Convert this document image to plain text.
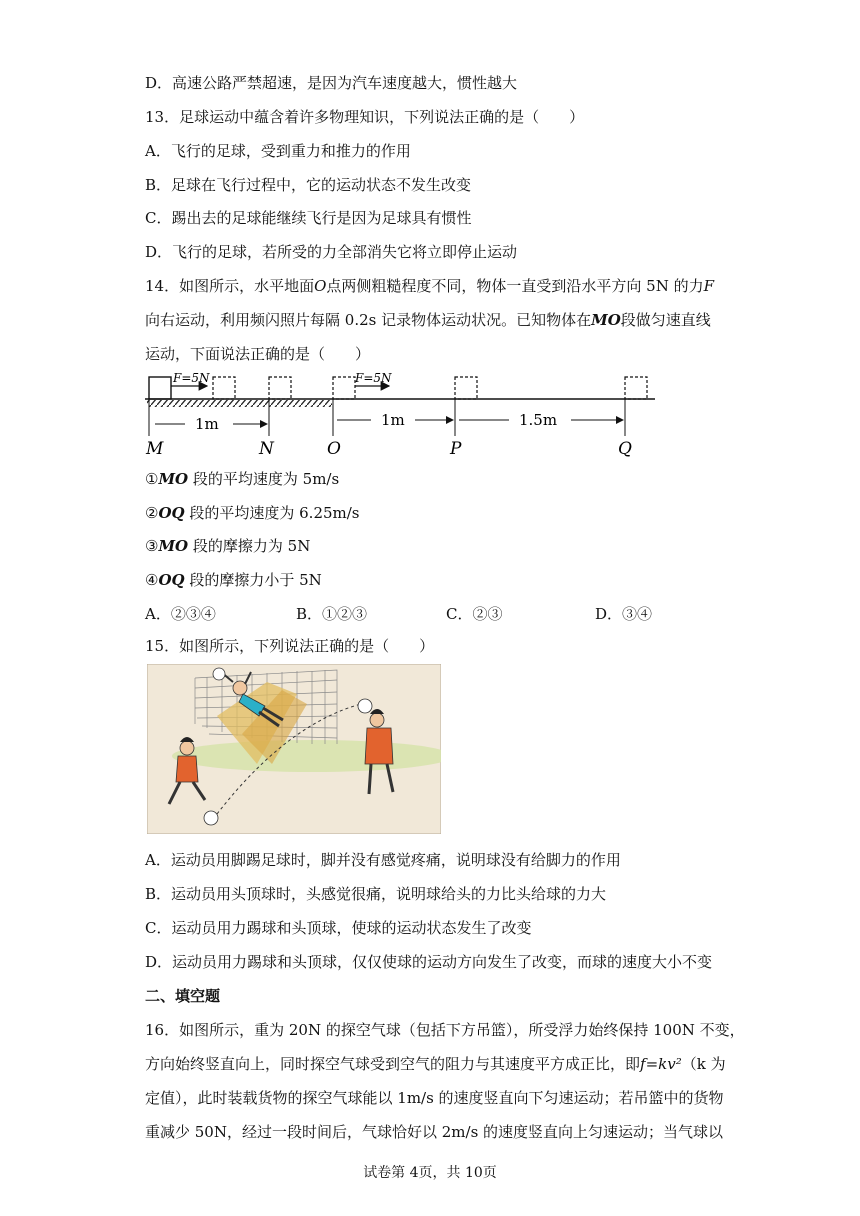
D．高速公路严禁超速，是因为汽车速度越大，惯性越大
13．足球运动中蕴含着许多物理知识，下列说法正确的是（　　）
A．飞行的足球，受到重力和推力的作用
B．足球在飞行过程中，它的运动状态不发生改变
C．踢出去的足球能继续飞行是因为足球具有惯性
D．飞行的足球，若所受的力全部消失它将立即停止运动
14．如图所示，水平地面O点两侧粗糙程度不同，物体一直受到沿水平方向 5N 的力F
向右运动，利用频闪照片每隔 0.2s 记录物体运动状况。已知物体在MO段做匀速直线
运动，下面说法正确的是（　　）
F=5N	F=5N
1m	1m	1.5m
M	N	O	P	Q
①MO 段的平均速度为 5m/s
②OQ 段的平均速度为 6.25m/s
③MO 段的摩擦力为 5N
④OQ 段的摩擦力小于 5N
A．②③④	B．①②③	C．②③	D．③④
15．如图所示，下列说法正确的是（　　）
A．运动员用脚踢足球时，脚并没有感觉疼痛，说明球没有给脚力的作用
B．运动员用头顶球时，头感觉很痛，说明球给头的力比头给球的力大
C．运动员用力踢球和头顶球，使球的运动状态发生了改变
D．运动员用力踢球和头顶球，仅仅使球的运动方向发生了改变，而球的速度大小不变
二、填空题
16．如图所示，重为 20N 的探空气球（包括下方吊篮），所受浮力始终保持 100N 不变，
方向始终竖直向上，同时探空气球受到空气的阻力与其速度平方成正比，即f=kv²（k 为
定值），此时装载货物的探空气球能以 1m/s 的速度竖直向下匀速运动；若吊篮中的货物
重减少 50N，经过一段时间后，气球恰好以 2m/s 的速度竖直向上匀速运动；当气球以
试卷第 4页，共 10页
